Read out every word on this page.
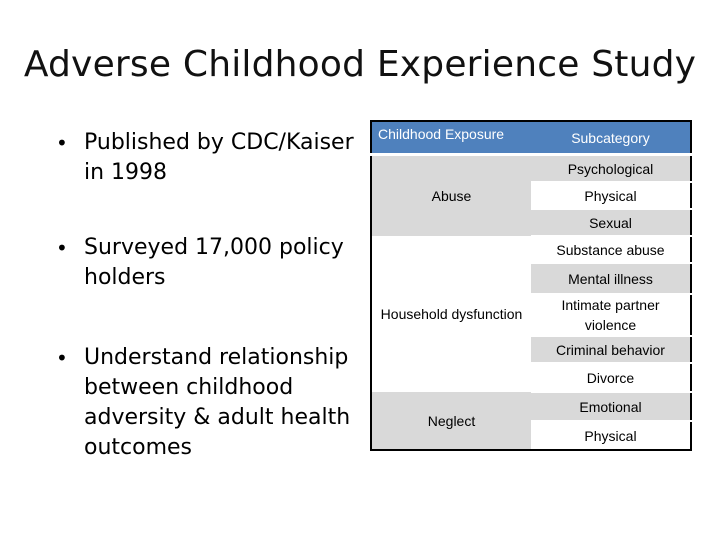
Adverse Childhood Experience Study
• Published by CDC/Kaiser in 1998
• Surveyed 17,000 policy holders
• Understand relationship between childhood adversity & adult health outcomes
Childhood Exposure	Subcategory
Abuse	Psychological
	Physical
	Sexual
Household dysfunction	Substance abuse
	Mental illness
	Intimate partner violence
	Criminal behavior
	Divorce
Neglect	Emotional
	Physical
